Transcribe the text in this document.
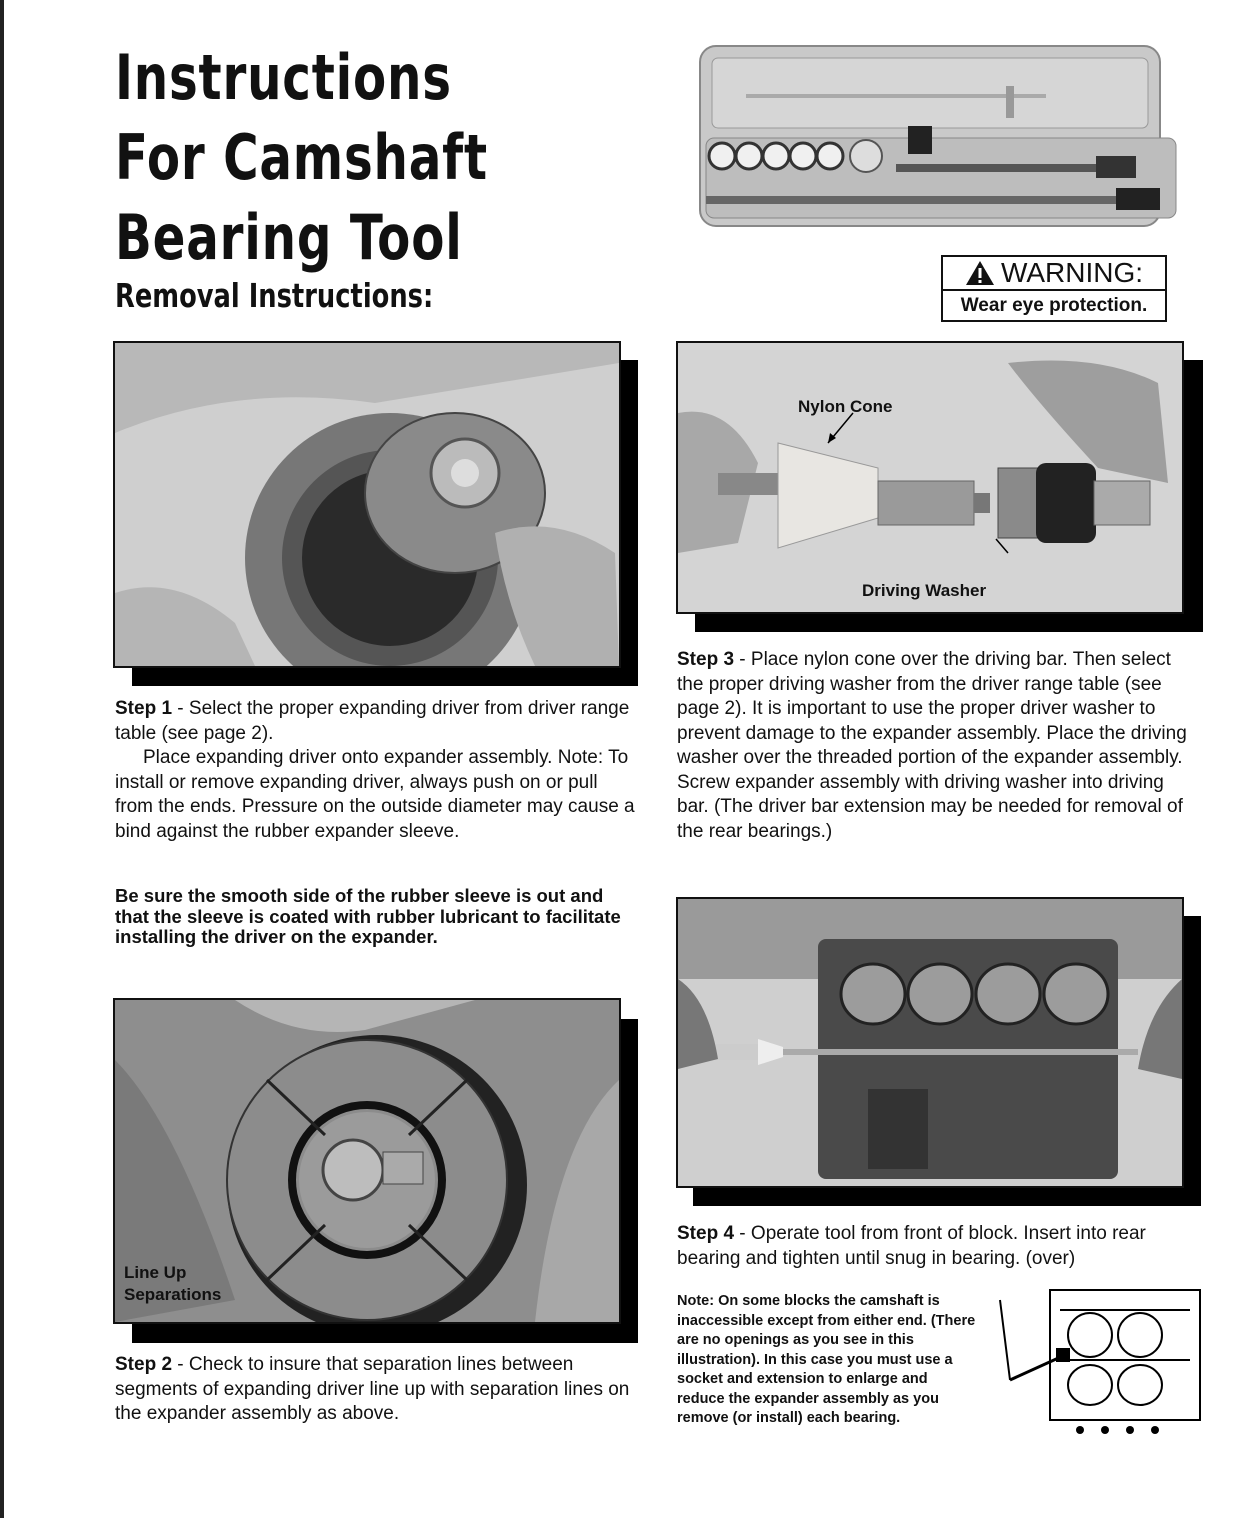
Instructions
For Camshaft
Bearing Tool
Removal Instructions:
WARNING:
Wear eye protection.
Nylon Cone
Driving Washer
Step 1 - Select the proper expanding driver from driver range table (see page 2).
Place expanding driver onto expander assembly. Note: To install or remove expanding driver, always push on or pull from the ends. Pressure on the outside diameter may cause a bind against the rubber expander sleeve.
Step 3 - Place nylon cone over the driving bar. Then select the proper driving washer from the driver range table (see page 2). It is important to use the proper driver washer to prevent damage to the expander assembly. Place the driving washer over the threaded portion of the expander assembly. Screw expander assembly with driving washer into driving bar. (The driver bar extension may be needed for removal of the rear bearings.)
Be sure the smooth side of the rubber sleeve is out and that the sleeve is coated with rubber lubricant to facilitate installing the driver on the expander.
Step 4 - Operate tool from front of block. Insert into rear bearing and tighten until snug in bearing. (over)
Line Up
Separations
Step 2 - Check to insure that separation lines between segments of expanding driver line up with separation lines on the expander assembly as above.
Note: On some blocks the camshaft is inaccessible except from either end. (There are no openings as you see in this illustration). In this case you must use a socket and extension to enlarge and reduce the expander assembly as you remove (or install) each bearing.
